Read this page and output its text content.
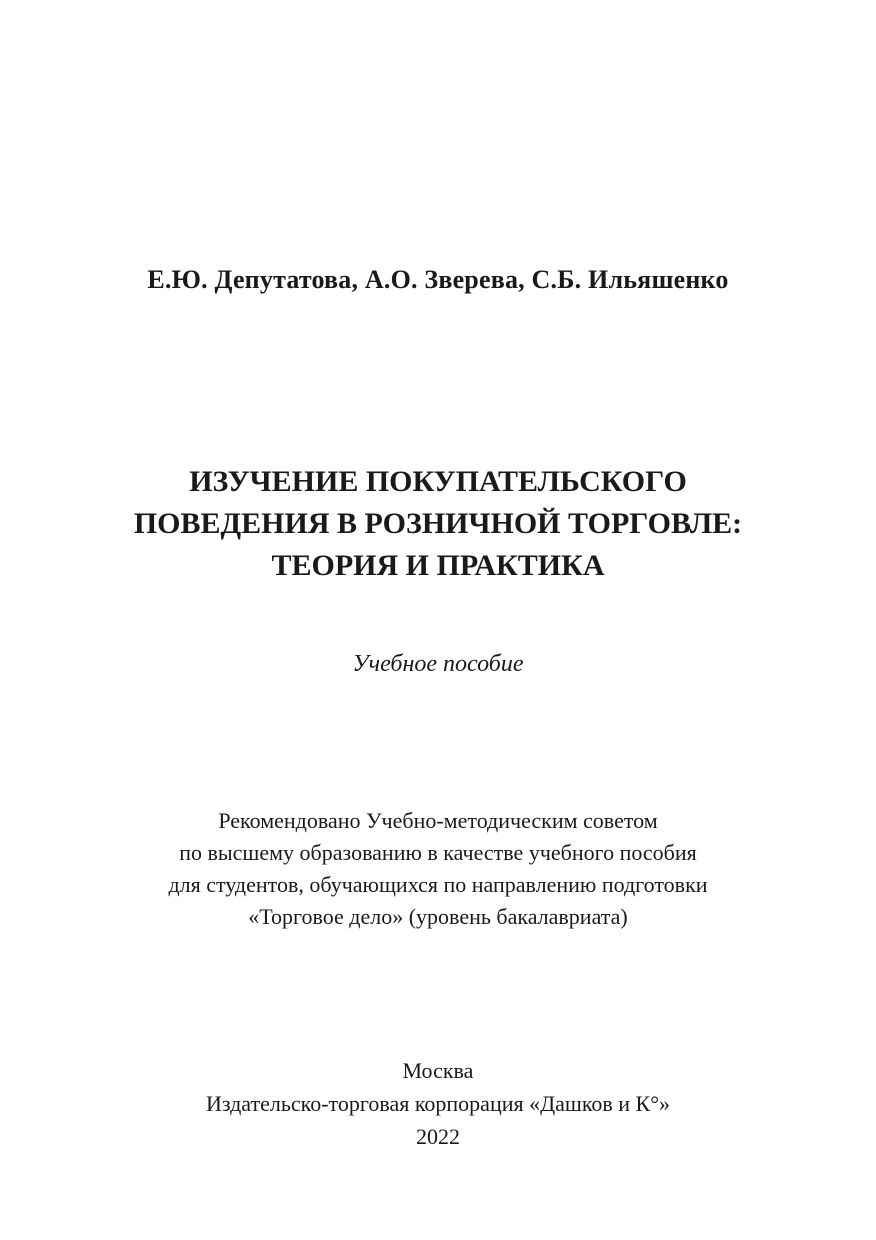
Е.Ю. Депутатова, А.О. Зверева, С.Б. Ильяшенко
ИЗУЧЕНИЕ ПОКУПАТЕЛЬСКОГО
ПОВЕДЕНИЯ В РОЗНИЧНОЙ ТОРГОВЛЕ:
ТЕОРИЯ И ПРАКТИКА
Учебное пособие
Рекомендовано Учебно-методическим советом
по высшему образованию в качестве учебного пособия
для студентов, обучающихся по направлению подготовки
«Торговое дело» (уровень бакалавриата)
Москва
Издательско-торговая корпорация «Дашков и К°»
2022
